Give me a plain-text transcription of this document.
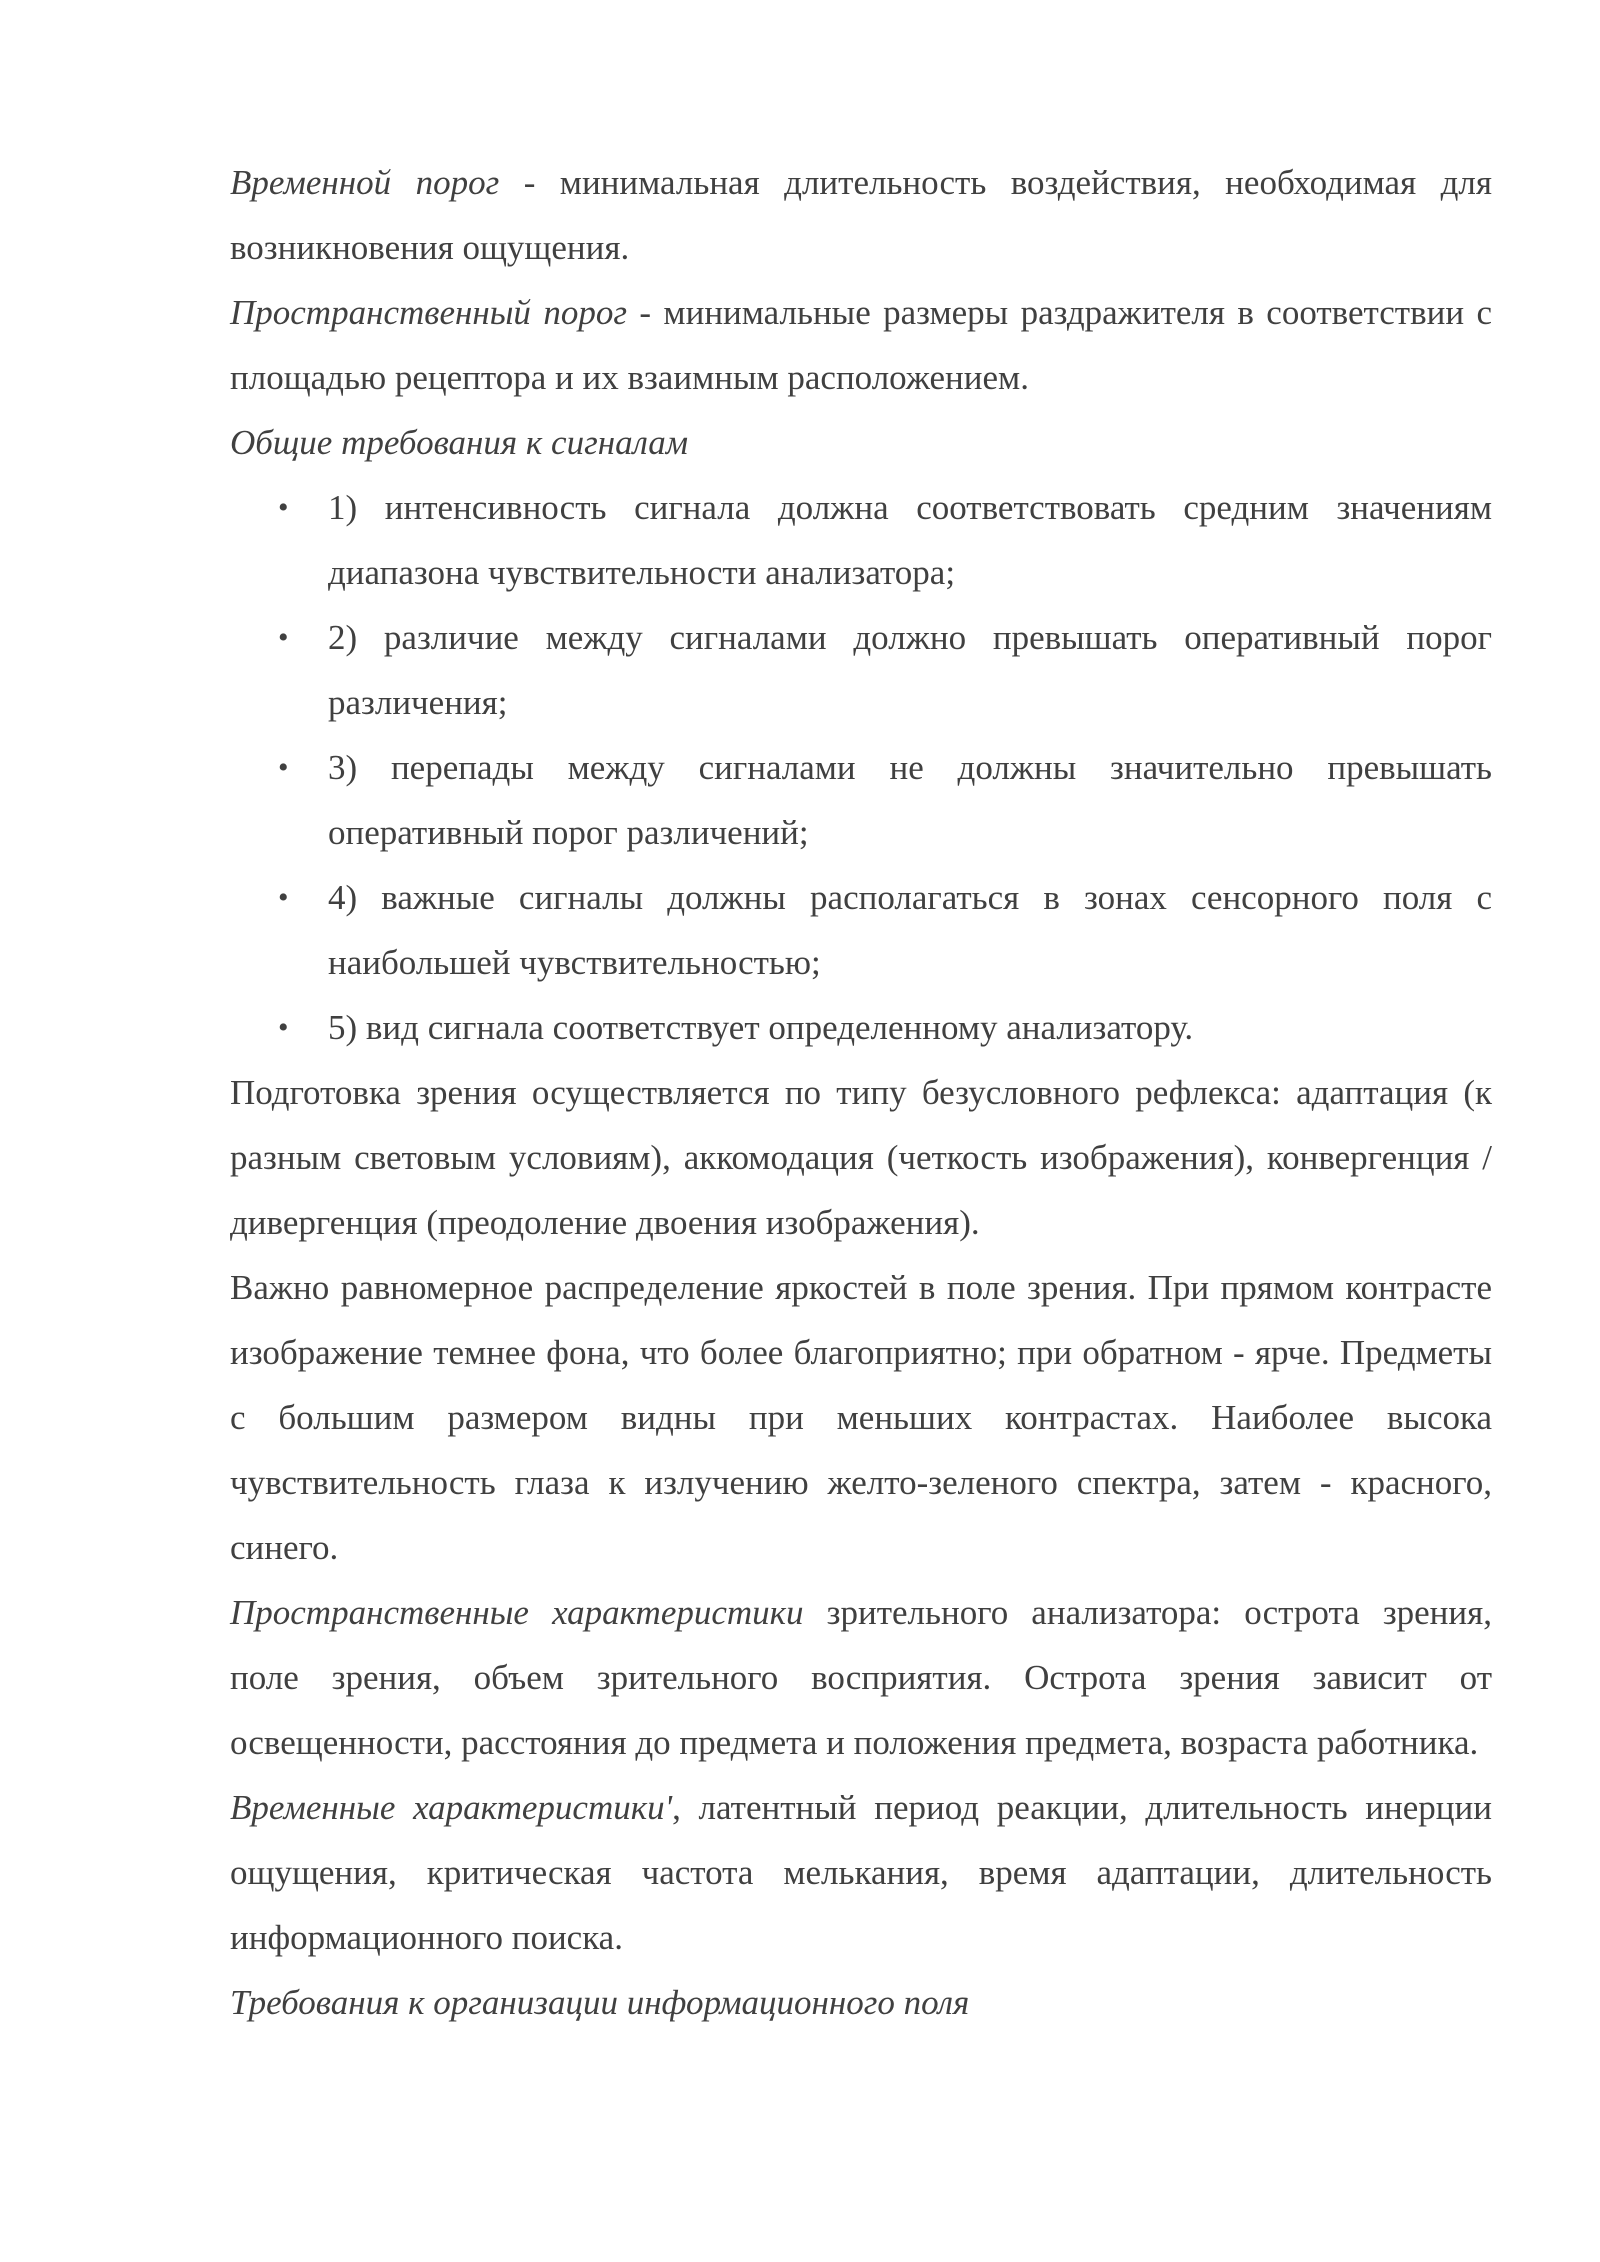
Временной порог - минимальная длительность воздействия, необходимая для возникновения ощущения.

Пространственный порог - минимальные размеры раздражителя в соответствии с площадью рецептора и их взаимным расположением.

Общие требования к сигналам

• 1) интенсивность сигнала должна соответствовать средним значениям диапазона чувствительности анализатора;
• 2) различие между сигналами должно превышать оперативный порог различения;
• 3) перепады между сигналами не должны значительно превышать оперативный порог различений;
• 4) важные сигналы должны располагаться в зонах сенсорного поля с наибольшей чувствительностью;
• 5) вид сигнала соответствует определенному анализатору.

Подготовка зрения осуществляется по типу безусловного рефлекса: адаптация (к разным световым условиям), аккомодация (четкость изображения), конвергенция / дивергенция (преодоление двоения изображения).

Важно равномерное распределение яркостей в поле зрения. При прямом контрасте изображение темнее фона, что более благоприятно; при обратном - ярче. Предметы с большим размером видны при меньших контрастах. Наиболее высока чувствительность глаза к излучению желто-зеленого спектра, затем - красного, синего.

Пространственные характеристики зрительного анализатора: острота зрения, поле зрения, объем зрительного восприятия. Острота зрения зависит от освещенности, расстояния до предмета и положения предмета, возраста работника.

Временные характеристики', латентный период реакции, длительность инерции ощущения, критическая частота мелькания, время адаптации, длительность информационного поиска.

Требования к организации информационного поля
